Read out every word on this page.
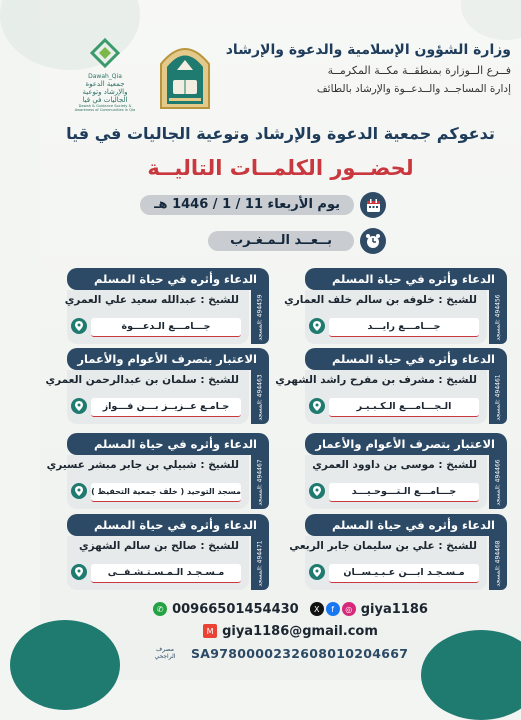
وزارة الشؤون الإسلامية والدعوة والإرشاد
فــرع الــوزارة بمنطقــة مكــة المكرمــة
إدارة المساجــد والــدعــوة والإرشاد بالطائف
Dawah_Qia
جمعية الدعوة والإرشاد وتوعية الجاليات في قيا
Dawah & Guidance Society & Awareness of Communities in Qia
تدعوكم جمعية الدعوة والإرشاد وتوعية الجاليات في قيا
لحضــور الكلمــات التاليــة
يوم الأربعاء 11 / 1 / 1446 هـ
بــعــد الـمـغـرب
الدعاء وأثره في حياة المسلم
للشيخ : خلوفه بن سالم خلف العماري
جـــامـــع رايـــد	494456 :المسجد
الدعاء وأثره في حياة المسلم
للشيخ : مشرف بن مفرح راشد الشهري
الـجـــامـــع الـكـبـيـر	494461 :المسجد
الاعتبار بتصرف الأعوام والأعمار
للشيخ : موسى بن داوود العمري
جـــامـــع الـتـــوحـيـــد	494466 :المسجد
الدعاء وأثره في حياة المسلم
للشيخ : علي بن سليمان جابر الربعي
مـسـجـد ابـــن عـبـيـســان	494468 :المسجد
الدعاء وأثره في حياة المسلم
للشيخ : عبدالله سعيد علي العمري
جـــامـــع الـدعـــوة	494459 :المسجد
الاعتبار بتصرف الأعوام والأعمار
للشيخ : سلمان بن عبدالرحمن العمري
جـامـع عــزيــز بـــن فـــواز	494463 :المسجد
الدعاء وأثره في حياة المسلم
للشيخ : شبيلي بن جابر مبشر عسيري
مسجد التوحيد ( خلف جمعية التحفيظ )	494467 :المسجد
الدعاء وأثره في حياة المسلم
للشيخ : صالح بن سالم الشهزي
مـسـجـد الـمـسـتـشـفــى	494471 :المسجد
✆ 00966501454430	X	f	◎ giya1186
M giya1186@gmail.com
مصرف الراجحي	SA9780000232608010204667
